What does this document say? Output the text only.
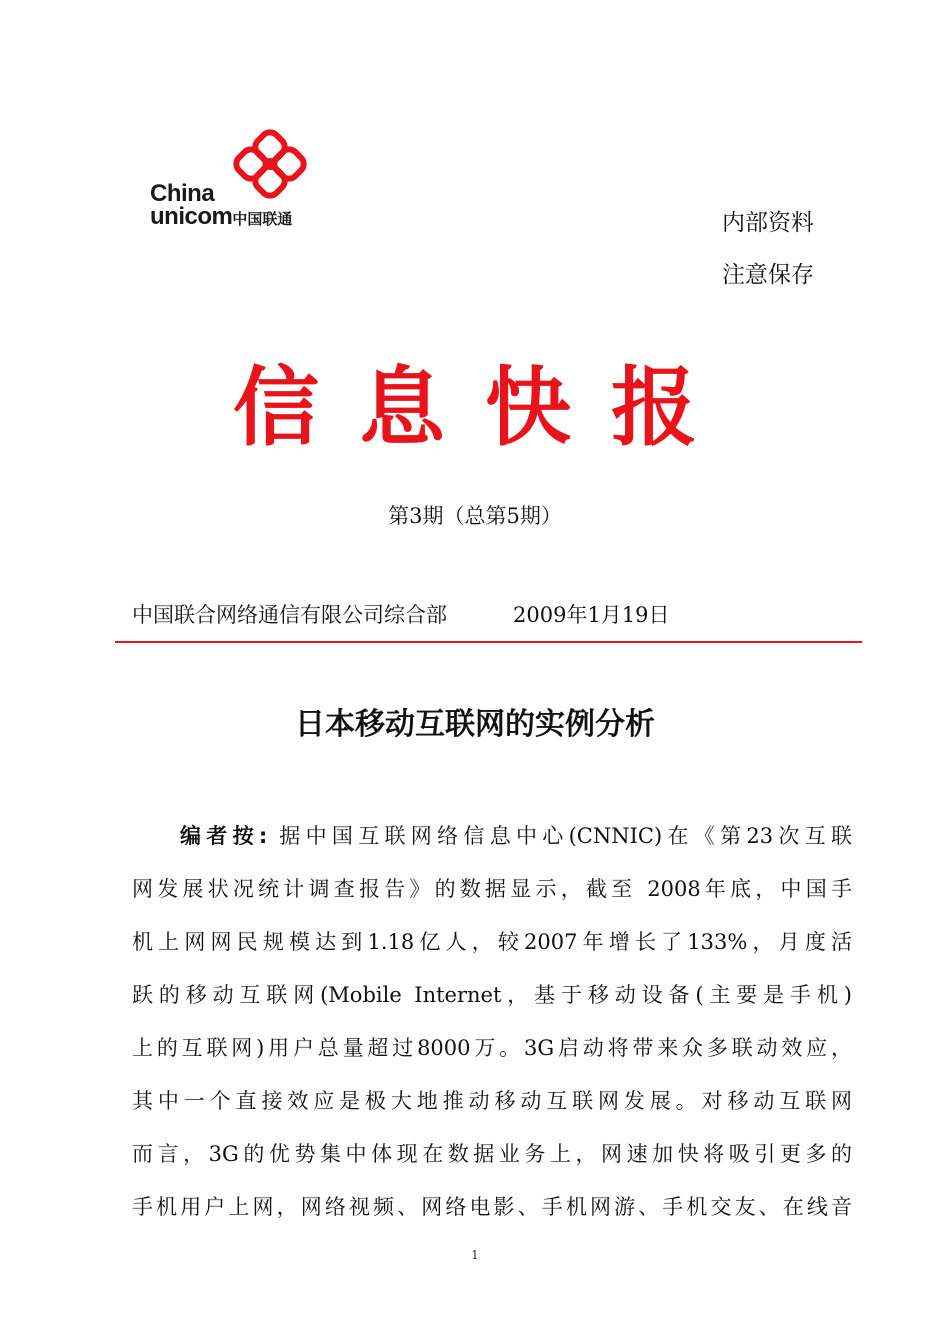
China
unicom中国联通	内部资料
注意保存
信息快报
第3期（总第5期）
中国联合网络通信有限公司综合部	2009年1月19日
日本移动互联网的实例分析
编者按: 据中国互联网络信息中心(CNNIC)在《第23次互联
网发展状况统计调查报告》的数据显示，截至 2008年底，中国手
机上网网民规模达到1.18亿人，较2007年增长了133%，月度活
跃的移动互联网(Mobile Internet，基于移动设备(主要是手机)
上的互联网)用户总量超过8000万。3G启动将带来众多联动效应，
其中一个直接效应是极大地推动移动互联网发展。对移动互联网
而言，3G的优势集中体现在数据业务上，网速加快将吸引更多的
手机用户上网，网络视频、网络电影、手机网游、手机交友、在线音
1
